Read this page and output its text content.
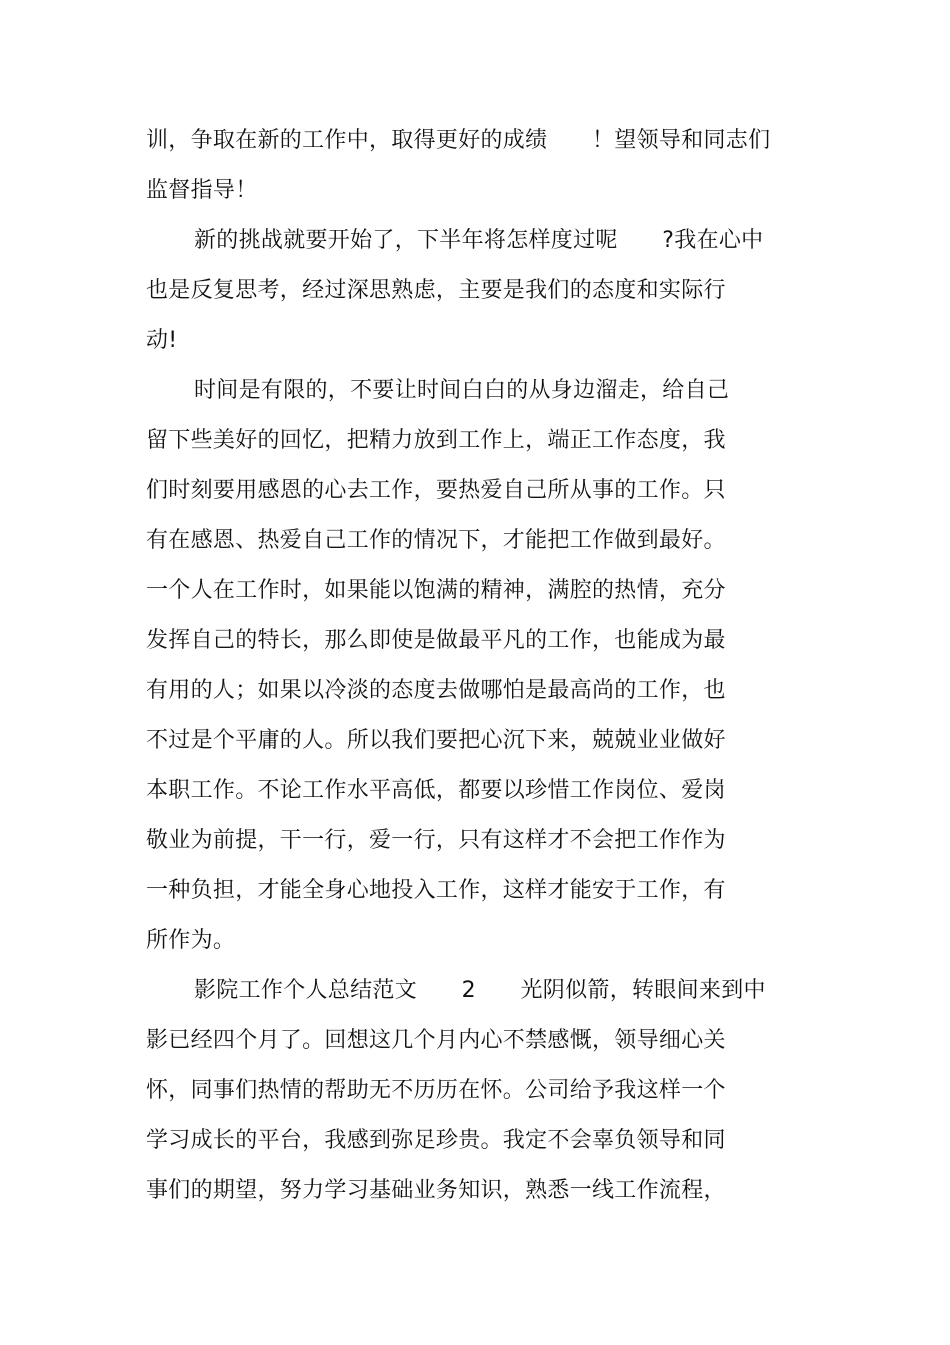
训，争取在新的工作中，取得更好的成绩　　！望领导和同志们
监督指导！
新的挑战就要开始了，下半年将怎样度过呢　　?我在心中
也是反复思考，经过深思熟虑，主要是我们的态度和实际行
动!
时间是有限的，不要让时间白白的从身边溜走，给自己
留下些美好的回忆，把精力放到工作上，端正工作态度，我
们时刻要用感恩的心去工作，要热爱自己所从事的工作。只
有在感恩、热爱自己工作的情况下，才能把工作做到最好。
一个人在工作时，如果能以饱满的精神，满腔的热情，充分
发挥自己的特长，那么即使是做最平凡的工作，也能成为最
有用的人；如果以冷淡的态度去做哪怕是最高尚的工作，也
不过是个平庸的人。所以我们要把心沉下来，兢兢业业做好
本职工作。不论工作水平高低，都要以珍惜工作岗位、爱岗
敬业为前提，干一行，爱一行，只有这样才不会把工作作为
一种负担，才能全身心地投入工作，这样才能安于工作，有
所作为。
影院工作个人总结范文　　2　　光阴似箭，转眼间来到中
影已经四个月了。回想这几个月内心不禁感慨，领导细心关
怀，同事们热情的帮助无不历历在怀。公司给予我这样一个
学习成长的平台，我感到弥足珍贵。我定不会辜负领导和同
事们的期望，努力学习基础业务知识，熟悉一线工作流程，
